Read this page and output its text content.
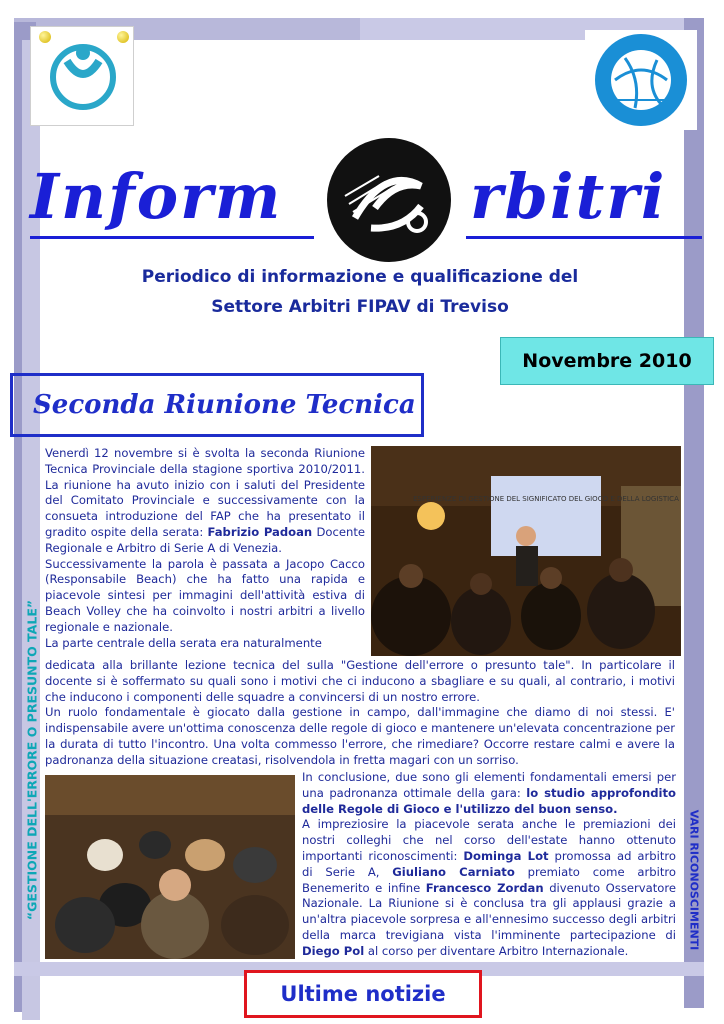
Inform	rbitri
Periodico di informazione e qualificazione del
Settore Arbitri FIPAV di Treviso
Novembre 2010
Seconda Riunione Tecnica
ESPERIENZE DI GESTIONE DEL SIGNIFICATO DEL GIOCO E DELLA LOGISTICA
Venerdì 12 novembre si è svolta la seconda Riunione Tecnica Provinciale della stagione sportiva 2010/2011. La riunione ha avuto inizio con i saluti del Presidente del Comitato Provinciale e successivamente con la consueta introduzione del FAP che ha presentato il gradito ospite della serata: Fabrizio Padoan Docente Regionale e Arbitro di Serie A di Venezia.
Successivamente la parola è passata a Jacopo Cacco (Responsabile Beach) che ha fatto una rapida e piacevole sintesi per immagini dell'attività estiva di Beach Volley che ha coinvolto i nostri arbitri a livello regionale e nazionale.
La parte centrale della serata era naturalmente
dedicata alla brillante lezione tecnica del sulla "Gestione dell'errore o presunto tale". In particolare il docente si è soffermato su quali sono i motivi che ci inducono a sbagliare e su quali, al contrario, i motivi che inducono i componenti delle squadre a convincersi di un nostro errore.
Un ruolo fondamentale è giocato dalla gestione in campo, dall'immagine che diamo di noi stessi. E' indispensabile avere un'ottima conoscenza delle regole di gioco e mantenere un'elevata concentrazione per la durata di tutto l'incontro. Una volta commesso l'errore, che rimediare? Occorre restare calmi e avere la padronanza della situazione creatasi, risolvendola in fretta magari con un sorriso.
In conclusione, due sono gli elementi fondamentali emersi per una padronanza ottimale della gara: lo studio approfondito delle Regole di Gioco e l'utilizzo del buon senso.
A impreziosire la piacevole serata anche le premiazioni dei nostri colleghi che nel corso dell'estate hanno ottenuto importanti riconoscimenti: Dominga Lot promossa ad arbitro di Serie A, Giuliano Carniato premiato come arbitro Benemerito e infine Francesco Zordan divenuto Osservatore Nazionale. La Riunione si è conclusa tra gli applausi grazie a un'altra piacevole sorpresa e all'ennesimo successo degli arbitri della marca trevigiana vista l'imminente partecipazione di Diego Pol al corso per diventare Arbitro Internazionale.
“GESTIONE DELL'ERRORE O PRESUNTO TALE”	VARI RICONOSCIMENTI
Ultime notizie
